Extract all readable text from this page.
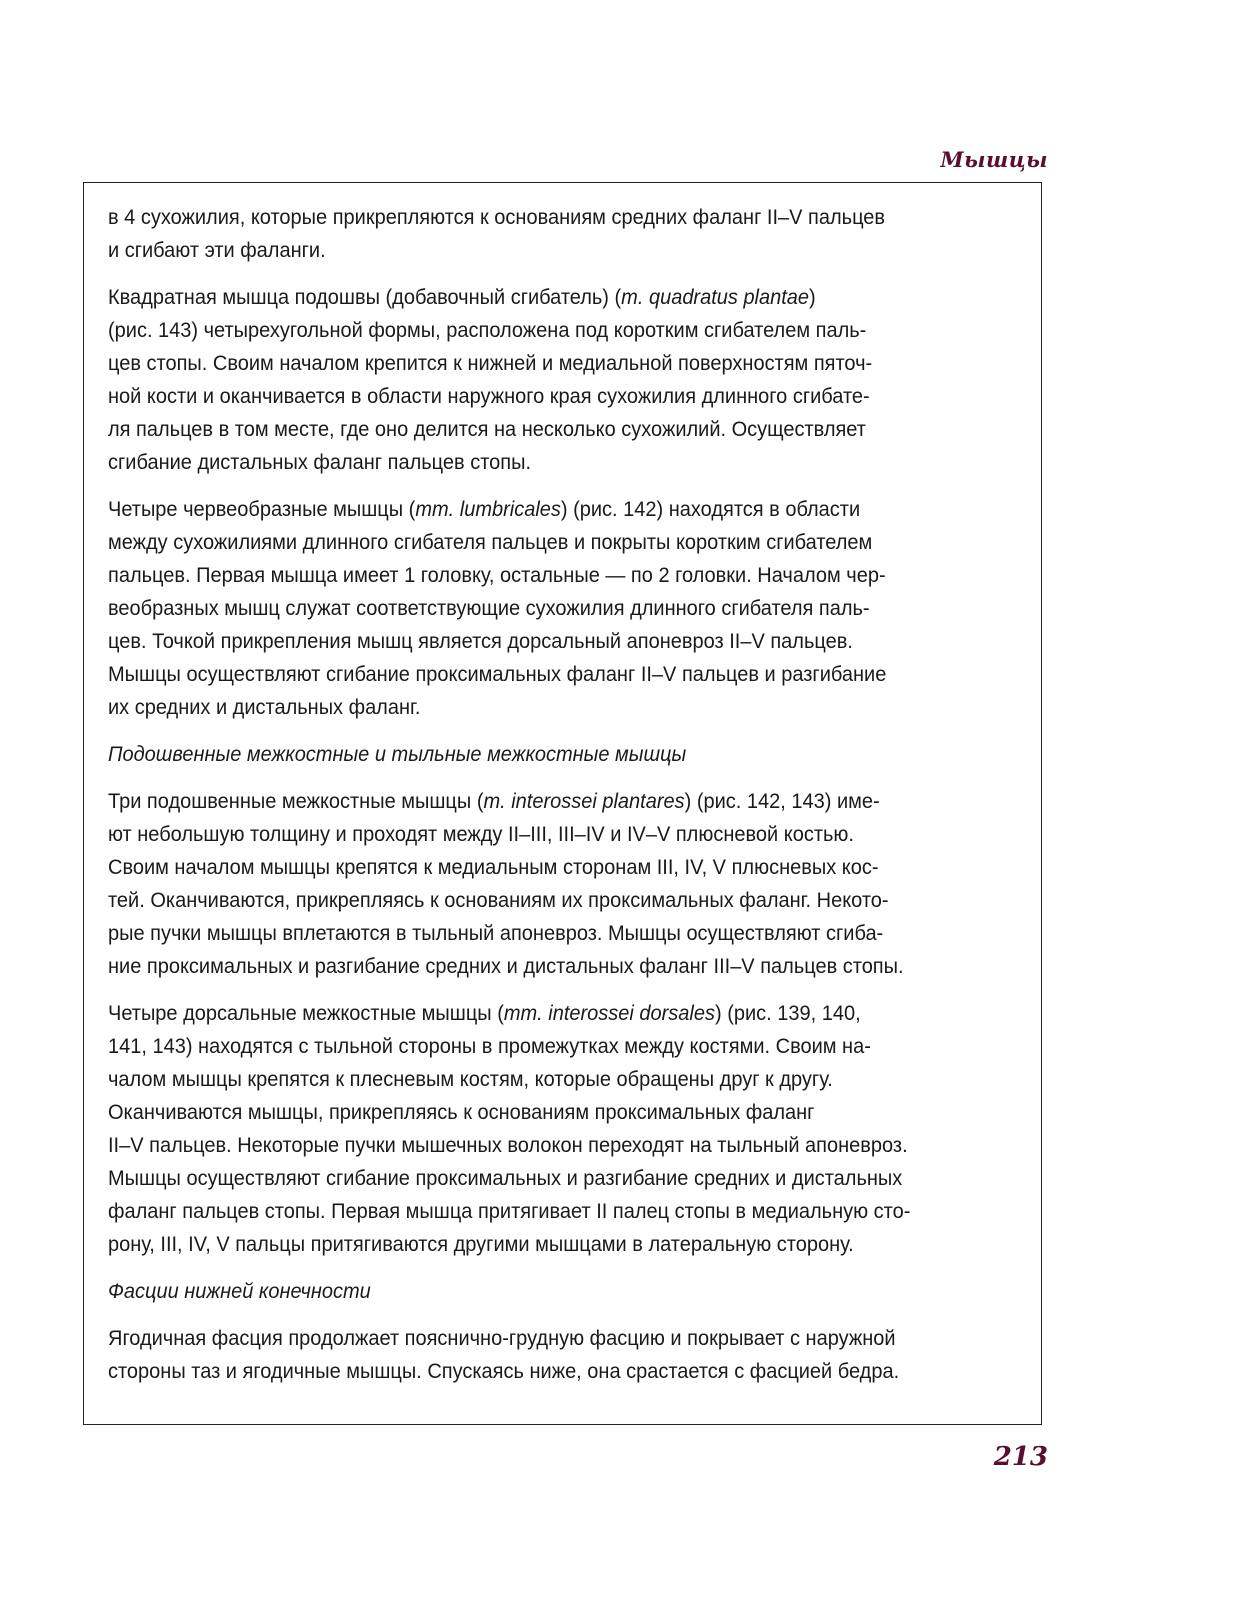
Мышцы

в 4 сухожилия, которые прикрепляются к основаниям средних фаланг II–V пальцев
и сгибают эти фаланги.

Квадратная мышца подошвы (добавочный сгибатель) (m. quadratus plantae)
(рис. 143) четырехугольной формы, расположена под коротким сгибателем паль-
цев стопы. Своим началом крепится к нижней и медиальной поверхностям пяточ-
ной кости и оканчивается в области наружного края сухожилия длинного сгибате-
ля пальцев в том месте, где оно делится на несколько сухожилий. Осуществляет
сгибание дистальных фаланг пальцев стопы.

Четыре червеобразные мышцы (mm. lumbricales) (рис. 142) находятся в области
между сухожилиями длинного сгибателя пальцев и покрыты коротким сгибателем
пальцев. Первая мышца имеет 1 головку, остальные — по 2 головки. Началом чер-
веобразных мышц служат соответствующие сухожилия длинного сгибателя паль-
цев. Точкой прикрепления мышц является дорсальный апоневроз II–V пальцев.
Мышцы осуществляют сгибание проксимальных фаланг II–V пальцев и разгибание
их средних и дистальных фаланг.

Подошвенные межкостные и тыльные межкостные мышцы

Три подошвенные межкостные мышцы (m. interossei plantares) (рис. 142, 143) име-
ют небольшую толщину и проходят между II–III, III–IV и IV–V плюсневой костью.
Своим началом мышцы крепятся к медиальным сторонам III, IV, V плюсневых кос-
тей. Оканчиваются, прикрепляясь к основаниям их проксимальных фаланг. Некото-
рые пучки мышцы вплетаются в тыльный апоневроз. Мышцы осуществляют сгиба-
ние проксимальных и разгибание средних и дистальных фаланг III–V пальцев стопы.

Четыре дорсальные межкостные мышцы (mm. interossei dorsales) (рис. 139, 140,
141, 143) находятся с тыльной стороны в промежутках между костями. Своим на-
чалом мышцы крепятся к плесневым костям, которые обращены друг к другу.
Оканчиваются мышцы, прикрепляясь к основаниям проксимальных фаланг
II–V пальцев. Некоторые пучки мышечных волокон переходят на тыльный апоневроз.
Мышцы осуществляют сгибание проксимальных и разгибание средних и дистальных
фаланг пальцев стопы. Первая мышца притягивает II палец стопы в медиальную сто-
рону, III, IV, V пальцы притягиваются другими мышцами в латеральную сторону.

Фасции нижней конечности

Ягодичная фасция продолжает пояснично-грудную фасцию и покрывает с наружной
стороны таз и ягодичные мышцы. Спускаясь ниже, она срастается с фасцией бедра.

213
